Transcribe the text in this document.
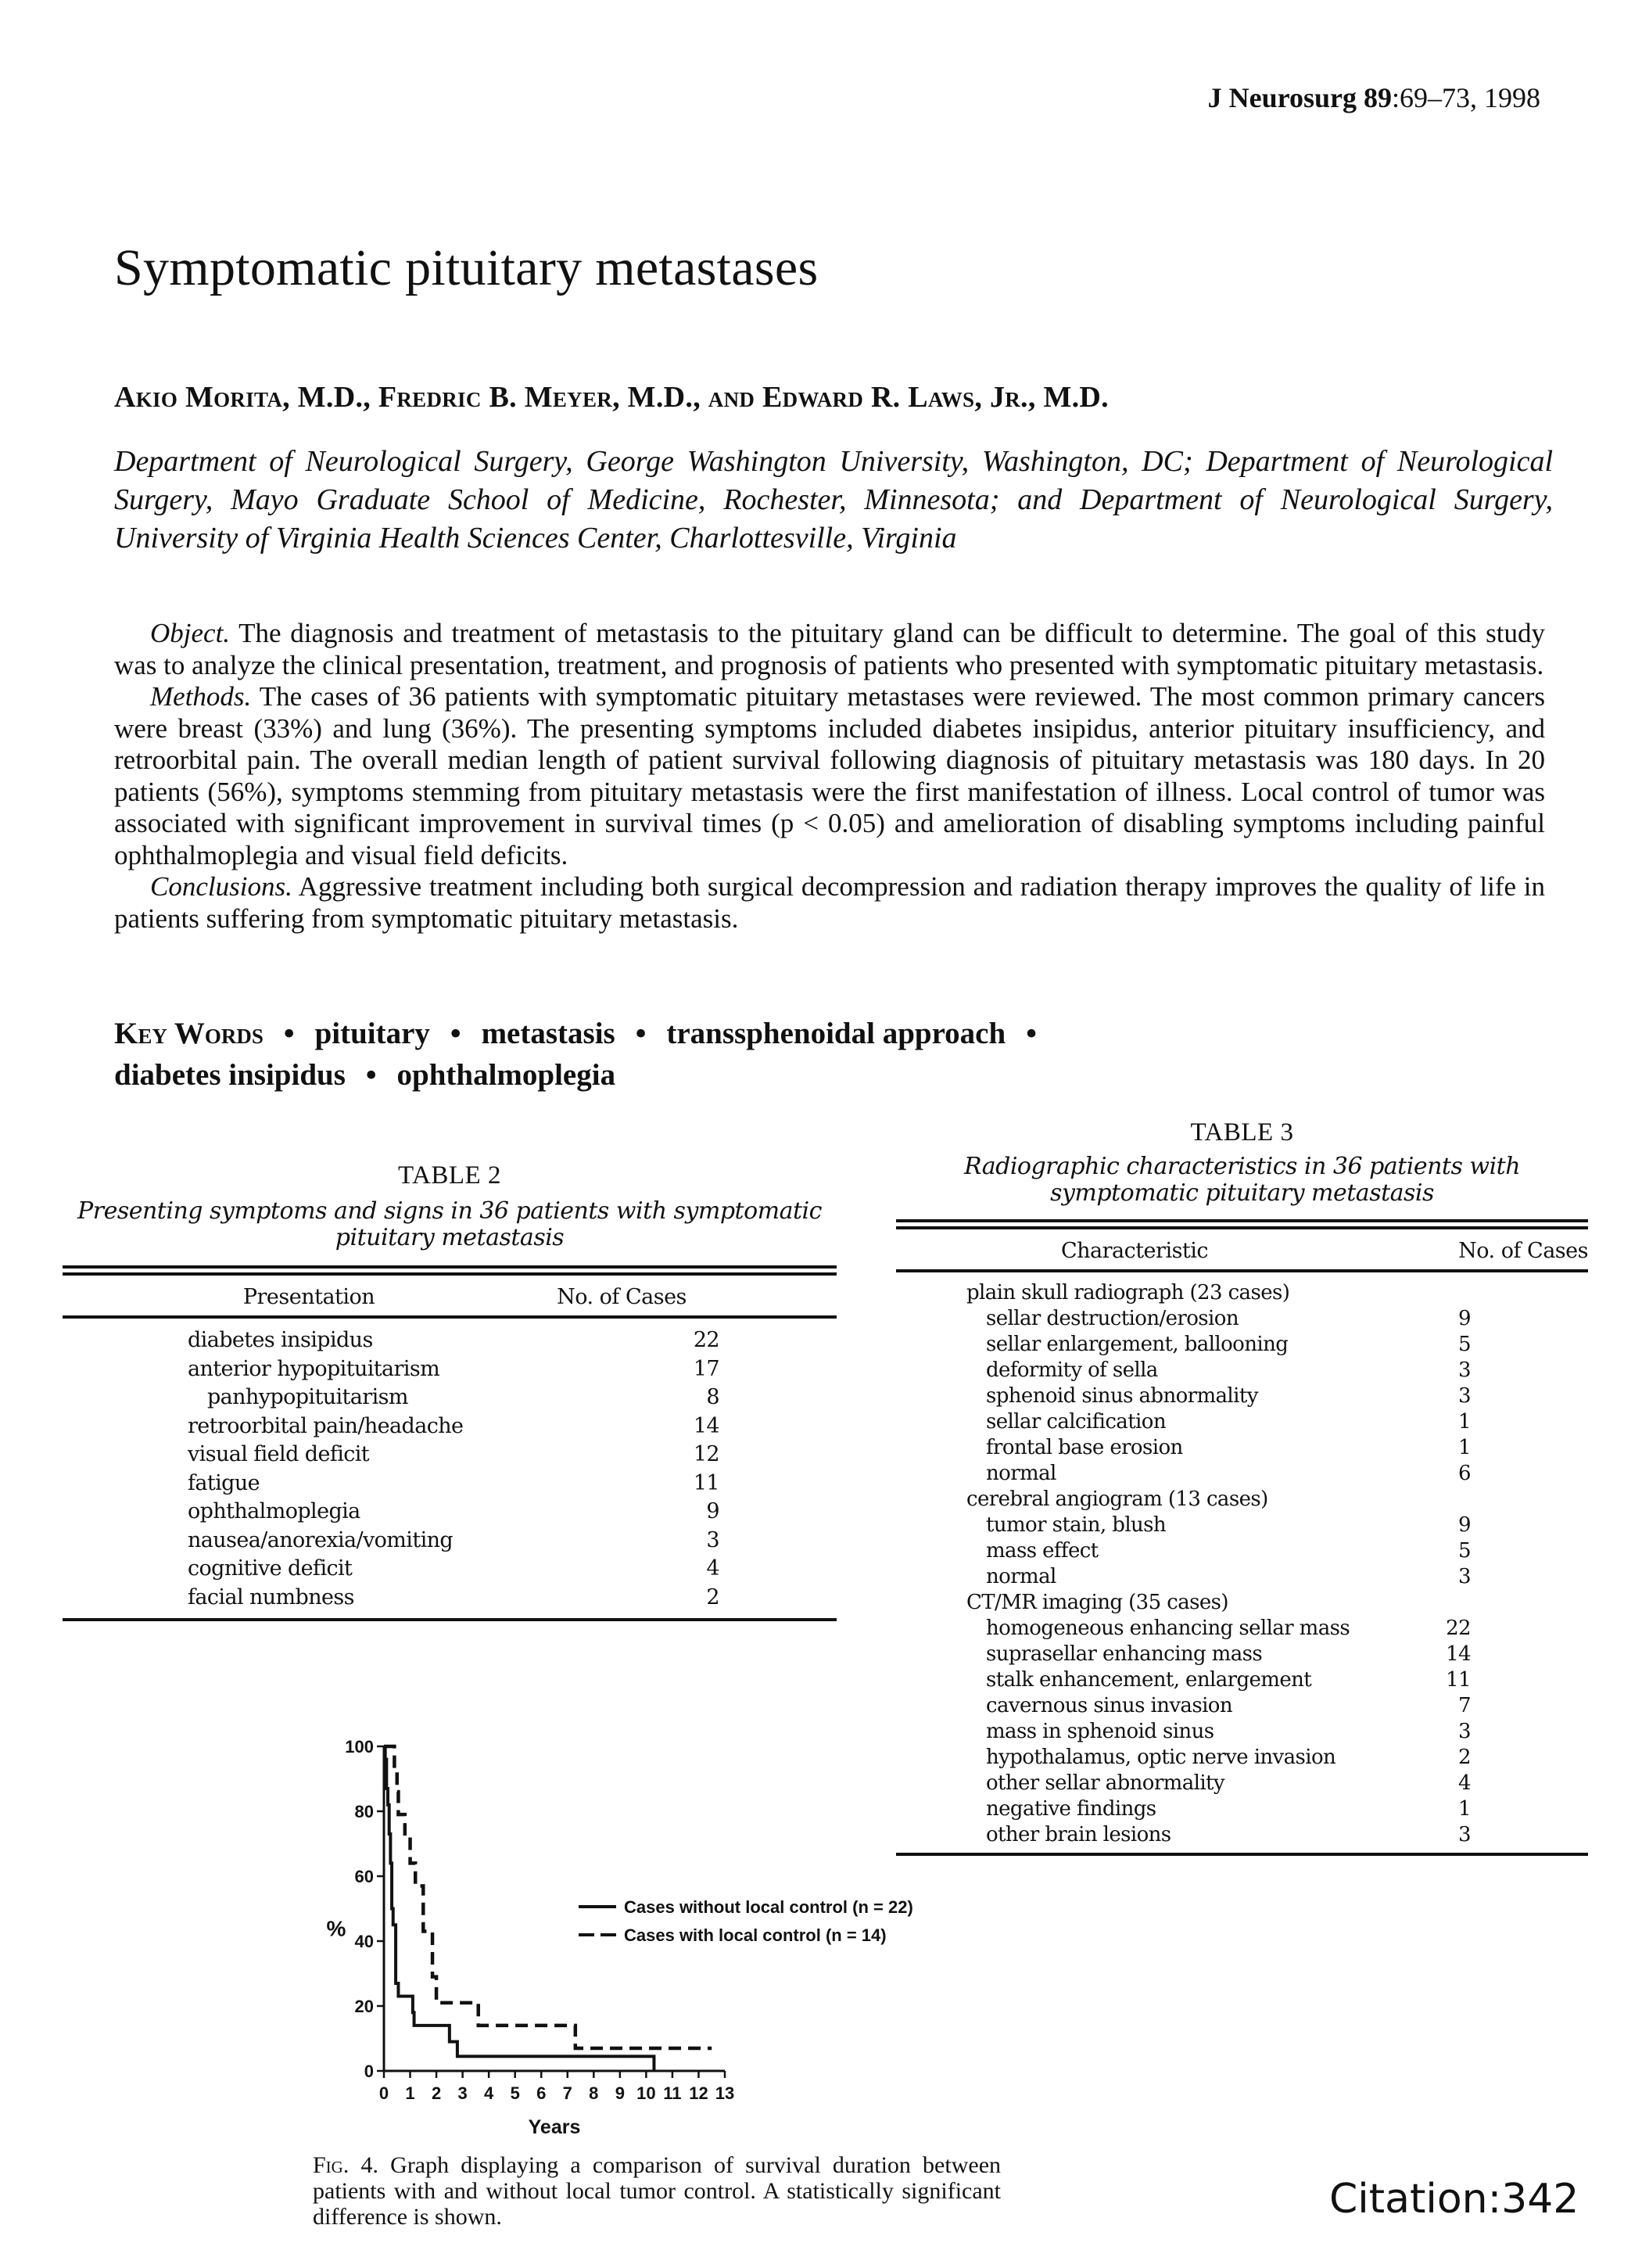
J Neurosurg 89:69–73, 1998
Symptomatic pituitary metastases
Akio Morita, M.D., Fredric B. Meyer, M.D., and Edward R. Laws, Jr., M.D.
Department of Neurological Surgery, George Washington University, Washington, DC; Department of Neurological Surgery, Mayo Graduate School of Medicine, Rochester, Minnesota; and Department of Neurological Surgery, University of Virginia Health Sciences Center, Charlottesville, Virginia

Object. The diagnosis and treatment of metastasis to the pituitary gland can be difficult to determine. The goal of this study was to analyze the clinical presentation, treatment, and prognosis of patients who presented with symptomatic pituitary metastasis.

Methods. The cases of 36 patients with symptomatic pituitary metastases were reviewed. The most common primary cancers were breast (33%) and lung (36%). The presenting symptoms included diabetes insipidus, anterior pituitary insufficiency, and retroorbital pain. The overall median length of patient survival following diagnosis of pituitary metastasis was 180 days. In 20 patients (56%), symptoms stemming from pituitary metastasis were the first manifestation of illness. Local control of tumor was associated with significant improvement in survival times (p < 0.05) and amelioration of disabling symptoms including painful ophthalmoplegia and visual field deficits.

Conclusions. Aggressive treatment including both surgical decompression and radiation therapy improves the quality of life in patients suffering from symptomatic pituitary metastasis.

Key Words • pituitary • metastasis • transsphenoidal approach •
diabetes insipidus • ophthalmoplegia
TABLE 2
Presenting symptoms and signs in 36 patients with symptomatic pituitary metastasis
Presentation	No. of Cases
diabetes insipidus	22
anterior hypopituitarism	17
panhypopituitarism	8
retroorbital pain/headache	14
visual field deficit	12
fatigue	11
ophthalmoplegia	9
nausea/anorexia/vomiting	3
cognitive deficit	4
facial numbness	2
TABLE 3
Radiographic characteristics in 36 patients with symptomatic pituitary metastasis
Characteristic	No. of Cases
plain skull radiograph (23 cases)
sellar destruction/erosion	9
sellar enlargement, ballooning	5
deformity of sella	3
sphenoid sinus abnormality	3
sellar calcification	1
frontal base erosion	1
normal	6
cerebral angiogram (13 cases)
tumor stain, blush	9
mass effect	5
normal	3
CT/MR imaging (35 cases)
homogeneous enhancing sellar mass	22
suprasellar enhancing mass	14
stalk enhancement, enlargement	11
cavernous sinus invasion	7
mass in sphenoid sinus	3
hypothalamus, optic nerve invasion	2
other sellar abnormality	4
negative findings	1
other brain lesions	3
0 1 2 3 4 5 6 7 8 9 10 11 12 13
0
20
40
60
80
100
Years
%
Cases without local control (n = 22)
Cases with local control (n = 14)
Fig. 4. Graph displaying a comparison of survival duration between patients with and without local tumor control. A statistically significant difference is shown.	Citation:342
